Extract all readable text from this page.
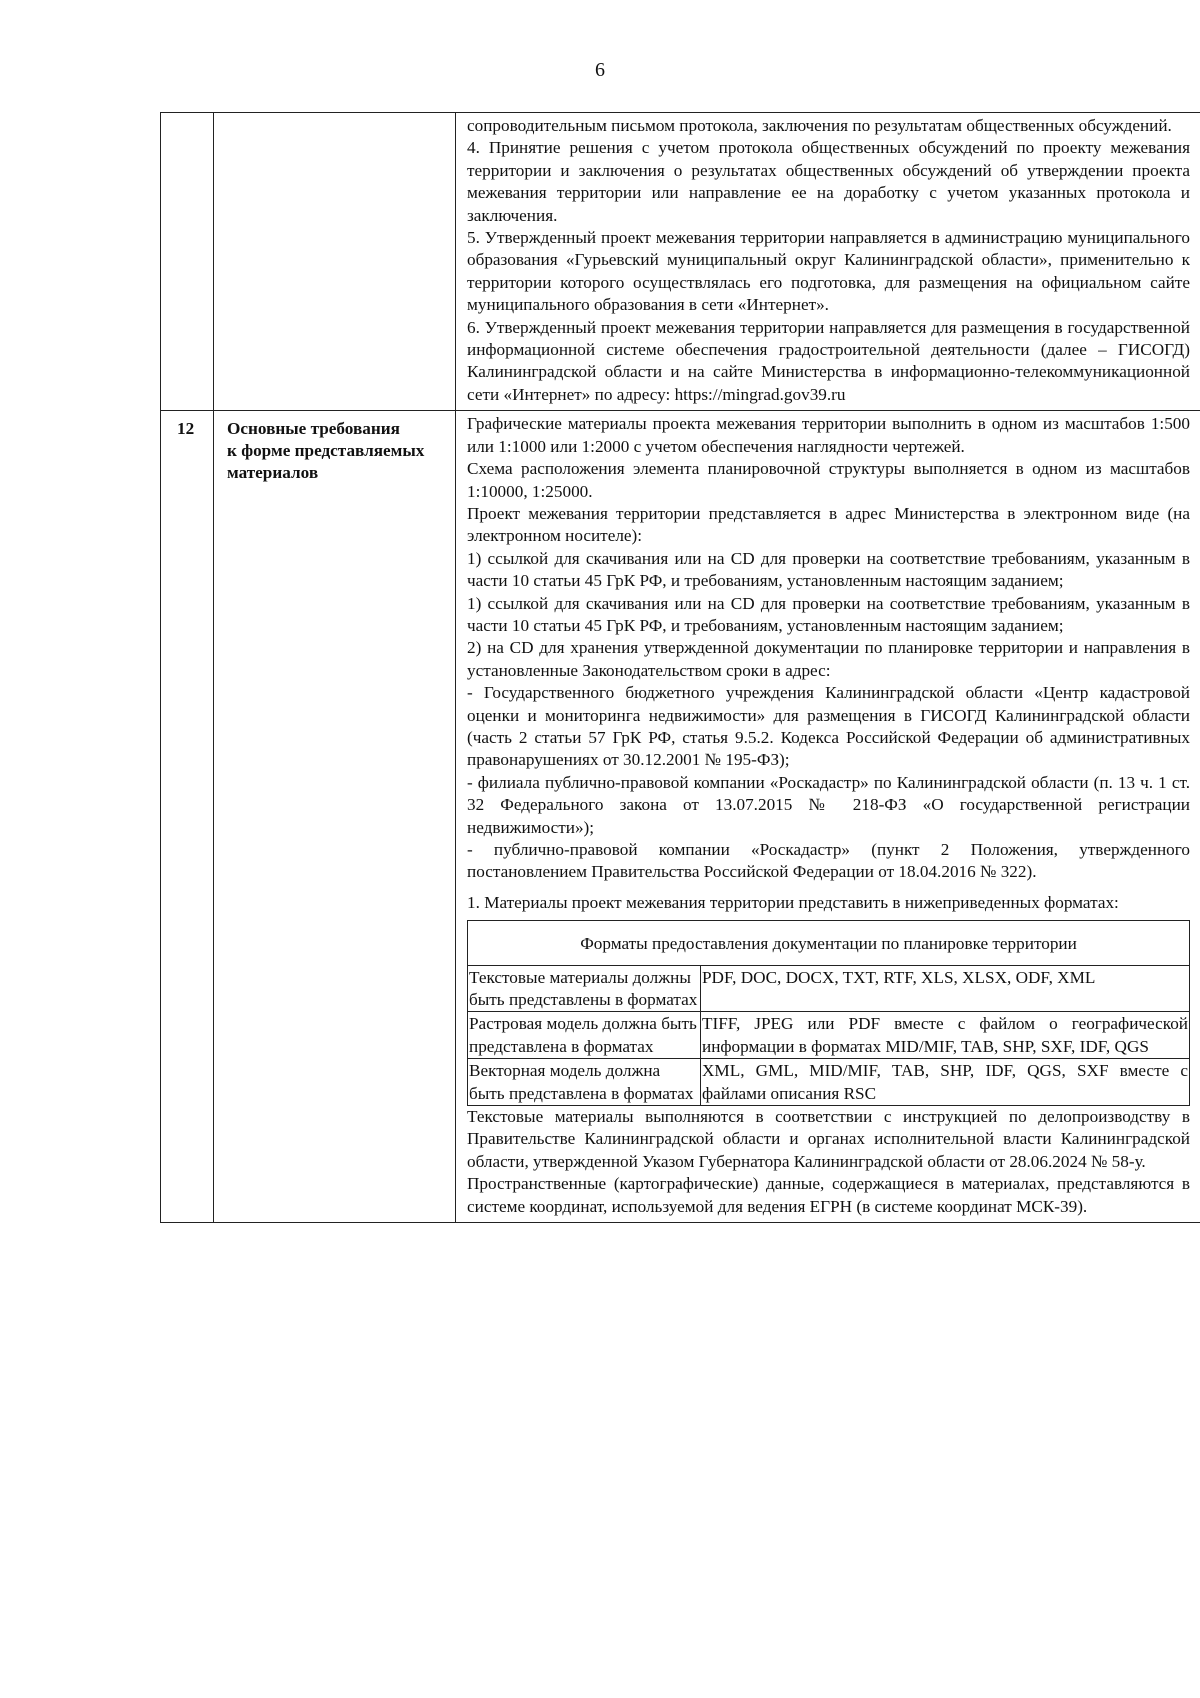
6

сопроводительным письмом протокола, заключения по результатам общественных обсуждений.

4. Принятие решения с учетом протокола общественных обсуждений по проекту межевания территории и заключения о результатах общественных обсуждений об утверждении проекта межевания территории или направление ее на доработку с учетом указанных протокола и заключения.

5. Утвержденный проект межевания территории направляется в администрацию муниципального образования «Гурьевский муниципальный округ Калининградской области», применительно к территории которого осуществлялась его подготовка, для размещения на официальном сайте муниципального образования в сети «Интернет».

6. Утвержденный проект межевания территории направляется для размещения в государственной информационной системе обеспечения градостроительной деятельности (далее – ГИСОГД) Калининградской области и на сайте Министерства в информационно-телекоммуникационной сети «Интернет» по адресу: https://mingrad.gov39.ru

12	Основные требования
к форме представляемых
материалов

Графические материалы проекта межевания территории выполнить в одном из масштабов 1:500 или 1:1000 или 1:2000 с учетом обеспечения наглядности чертежей.

Схема расположения элемента планировочной структуры выполняется в одном из масштабов 1:10000, 1:25000.

Проект межевания территории представляется в адрес Министерства в электронном виде (на электронном носителе):

1) ссылкой для скачивания или на CD для проверки на соответствие требованиям, указанным в части 10 статьи 45 ГрК РФ, и требованиям, установленным настоящим заданием;

1) ссылкой для скачивания или на CD для проверки на соответствие требованиям, указанным в части 10 статьи 45 ГрК РФ, и требованиям, установленным настоящим заданием;

2) на CD для хранения утвержденной документации по планировке территории и направления в установленные Законодательством сроки в адрес:

- Государственного бюджетного учреждения Калининградской области «Центр кадастровой оценки и мониторинга недвижимости» для размещения в ГИСОГД Калининградской области (часть 2 статьи 57 ГрК РФ, статья 9.5.2. Кодекса Российской Федерации об административных правонарушениях от 30.12.2001 № 195-ФЗ);

- филиала публично-правовой компании «Роскадастр» по Калининградской области (п. 13 ч. 1 ст. 32 Федерального закона от 13.07.2015 № 218-ФЗ «О государственной регистрации недвижимости»);

- публично-правовой компании «Роскадастр» (пункт 2 Положения, утвержденного постановлением Правительства Российской Федерации от 18.04.2016 № 322).

1. Материалы проект межевания территории представить в нижеприведенных форматах:

Форматы предоставления документации по планировке территории
Текстовые материалы должны быть представлены в форматах	PDF, DOC, DOCX, TXT, RTF, XLS, XLSX, ODF, XML
Растровая модель должна быть представлена в форматах	TIFF, JPEG или PDF вместе с файлом о географической информации в форматах MID/MIF, TAB, SHP, SXF, IDF, QGS
Векторная модель должна быть представлена в форматах	XML, GML, MID/MIF, TAB, SHP, IDF, QGS, SXF вместе с файлами описания RSC

Текстовые материалы выполняются в соответствии с инструкцией по делопроизводству в Правительстве Калининградской области и органах исполнительной власти Калининградской области, утвержденной Указом Губернатора Калининградской области от 28.06.2024 № 58-у.

Пространственные (картографические) данные, содержащиеся в материалах, представляются в системе координат, используемой для ведения ЕГРН (в системе координат МСК-39).
